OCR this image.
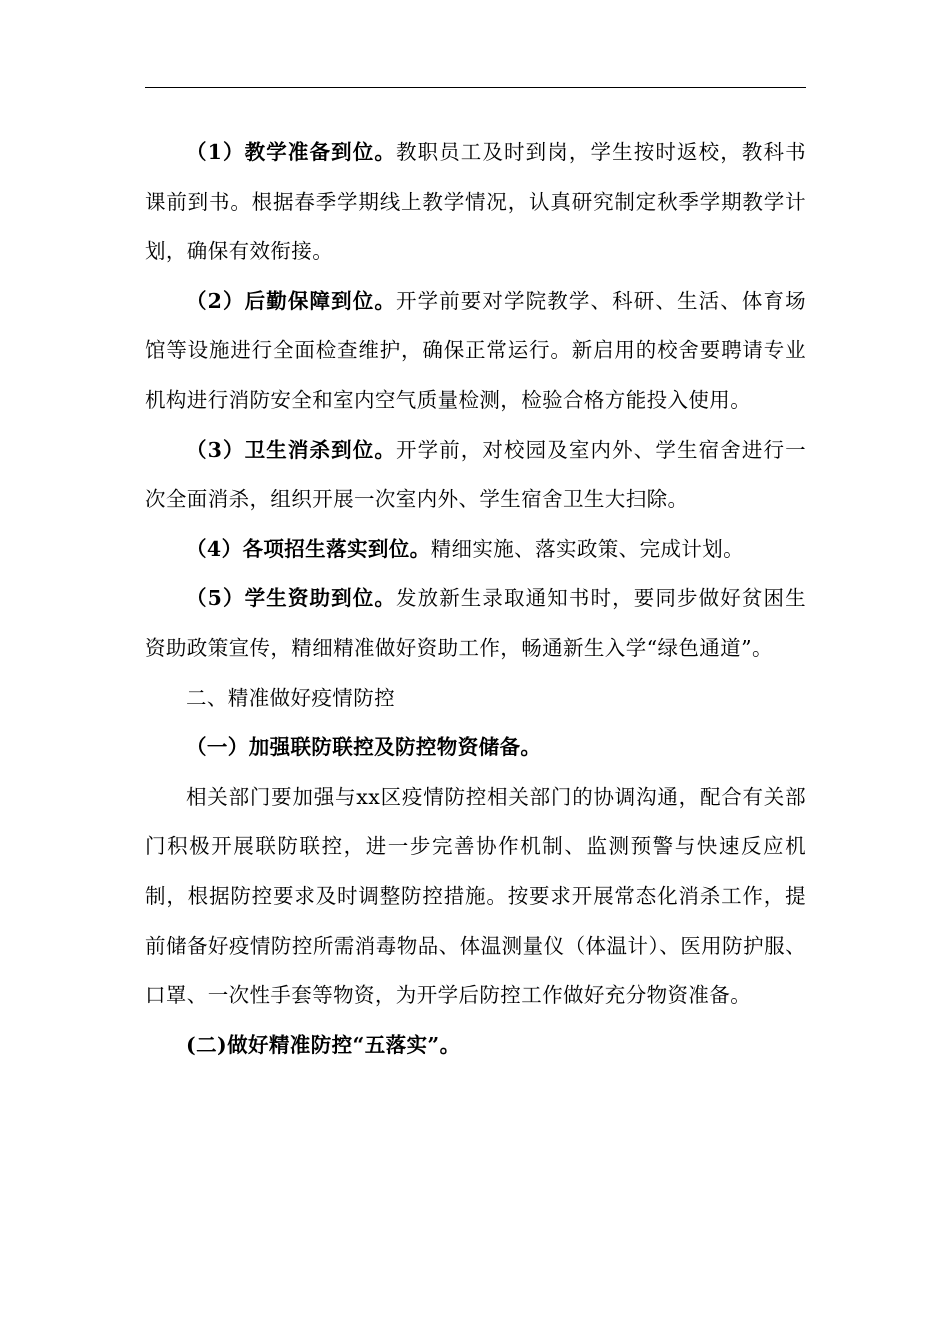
（1）教学准备到位。教职员工及时到岗，学生按时返校，教科书课前到书。根据春季学期线上教学情况，认真研究制定秋季学期教学计划，确保有效衔接。

（2）后勤保障到位。开学前要对学院教学、科研、生活、体育场馆等设施进行全面检查维护，确保正常运行。新启用的校舍要聘请专业机构进行消防安全和室内空气质量检测，检验合格方能投入使用。

（3）卫生消杀到位。开学前，对校园及室内外、学生宿舍进行一次全面消杀，组织开展一次室内外、学生宿舍卫生大扫除。

（4）各项招生落实到位。精细实施、落实政策、完成计划。

（5）学生资助到位。发放新生录取通知书时，要同步做好贫困生资助政策宣传，精细精准做好资助工作，畅通新生入学“绿色通道”。

二、精准做好疫情防控

（一）加强联防联控及防控物资储备。

相关部门要加强与xx区疫情防控相关部门的协调沟通，配合有关部门积极开展联防联控，进一步完善协作机制、监测预警与快速反应机制，根据防控要求及时调整防控措施。按要求开展常态化消杀工作，提前储备好疫情防控所需消毒物品、体温测量仪（体温计）、医用防护服、口罩、一次性手套等物资，为开学后防控工作做好充分物资准备。

(二)做好精准防控“五落实”。
